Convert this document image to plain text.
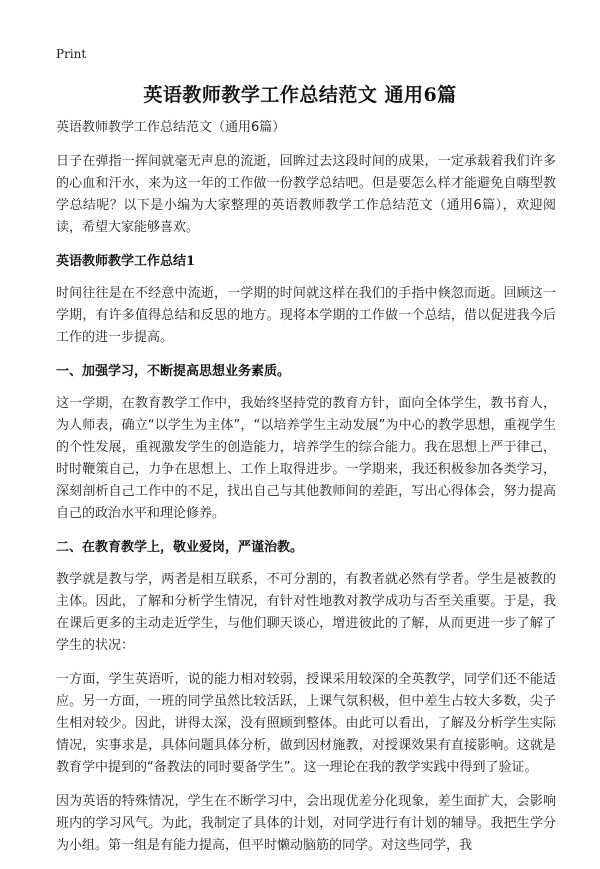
Print
英语教师教学工作总结范文 通用6篇

英语教师教学工作总结范文（通用6篇）

日子在弹指一挥间就毫无声息的流逝，回眸过去这段时间的成果，一定承载着我们许多的心血和汗水，来为这一年的工作做一份教学总结吧。但是要怎么样才能避免自嗨型教学总结呢？以下是小编为大家整理的英语教师教学工作总结范文（通用6篇），欢迎阅读，希望大家能够喜欢。

英语教师教学工作总结1

时间往往是在不经意中流逝，一学期的时间就这样在我们的手指中倏忽而逝。回顾这一学期，有许多值得总结和反思的地方。现将本学期的工作做一个总结，借以促进我今后工作的进一步提高。

一、加强学习，不断提高思想业务素质。

这一学期，在教育教学工作中，我始终坚持党的教育方针，面向全体学生，教书育人，为人师表，确立“以学生为主体”，“以培养学生主动发展”为中心的教学思想，重视学生的个性发展，重视激发学生的创造能力，培养学生的综合能力。我在思想上严于律己，时时鞭策自己，力争在思想上、工作上取得进步。一学期来，我还积极参加各类学习，深刻剖析自己工作中的不足，找出自己与其他教师间的差距，写出心得体会，努力提高自己的政治水平和理论修养。

二、在教育教学上，敬业爱岗，严谨治教。

教学就是教与学，两者是相互联系，不可分割的，有教者就必然有学者。学生是被教的主体。因此，了解和分析学生情况，有针对性地教对教学成功与否至关重要。于是，我在课后更多的主动走近学生，与他们聊天谈心，增进彼此的了解，从而更进一步了解了学生的状况：

一方面，学生英语听，说的能力相对较弱，授课采用较深的全英教学，同学们还不能适应。另一方面，一班的同学虽然比较活跃，上课气氛积极，但中差生占较大多数，尖子生相对较少。因此，讲得太深，没有照顾到整体。由此可以看出，了解及分析学生实际情况，实事求是，具体问题具体分析，做到因材施教，对授课效果有直接影响。这就是教育学中提到的“备教法的同时要备学生”。这一理论在我的教学实践中得到了验证。

因为英语的特殊情况，学生在不断学习中，会出现优差分化现象，差生面扩大，会影响班内的学习风气。为此，我制定了具体的计划，对同学进行有计划的辅导。我把生学分为小组。第一组是有能力提高，但平时懒动脑筋的同学。对这些同学，我
